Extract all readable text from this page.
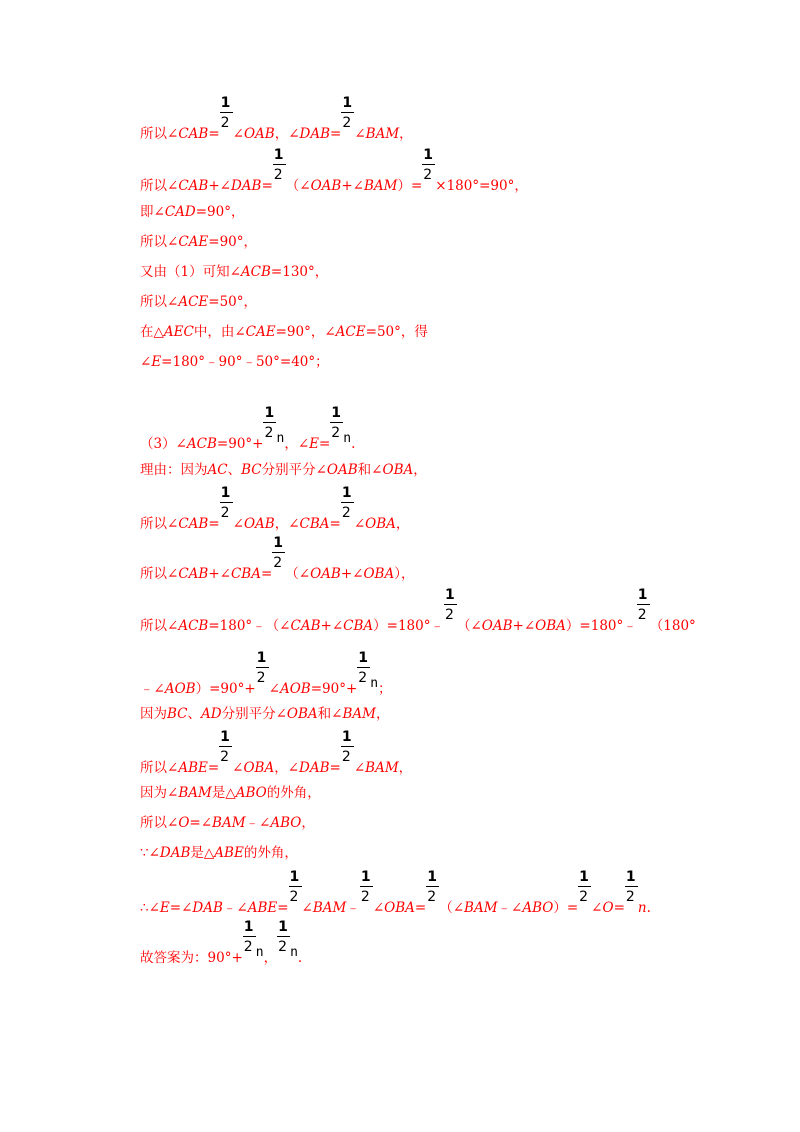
所以∠CAB= $\frac{1}{2}$ ∠OAB，∠DAB= $\frac{1}{2}$ ∠BAM，
所以∠CAB+∠DAB= $\frac{1}{2}$ （∠OAB+∠BAM）= $\frac{1}{2} \times 180^\circ=90^\circ$，
即∠CAD=90°，
所以∠CAE=90°，
又由（1）可知∠ACB=130°，
所以∠ACE=50°，
在△AEC中，由∠CAE=90°，∠ACE=50°，得
∠E=180°﹣90°﹣50°=40°；
（3）∠ACB=90°+ $\frac{1}{2}$ n，∠E= $\frac{1}{2} n$.
理由：因为AC、BC分别平分∠OAB和∠OBA，
所以∠CAB= $\frac{1}{2}$ ∠OAB，∠CBA= $\frac{1}{2}$ ∠OBA，
所以∠CAB+∠CBA= $\frac{1}{2}$ （∠OAB+∠OBA），
所以∠ACB=180°﹣（∠CAB+∠CBA）=180°﹣ $\frac{1}{2}$ （∠OAB+∠OBA）=180°﹣ $\frac{1}{2} (180^\circ$
﹣∠AOB）=90°+ $\frac{1}{2}$ ∠AOB=90°+ $\frac{1}{2}$ n；
因为BC、AD分别平分∠OBA和∠BAM，
所以∠ABE= $\frac{1}{2}$ ∠OBA，∠DAB= $\frac{1}{2}$ ∠BAM，
因为∠BAM是△ABO的外角，
所以∠O=∠BAM﹣∠ABO，
∵∠DAB是△ABE的外角，
∴∠E=∠DAB﹣∠ABE= $\frac{1}{2}$ ∠BAM﹣ $\frac{1}{2}$ ∠OBA= $\frac{1}{2}$ （∠BAM﹣∠ABO）= $\frac{1}{2}$ ∠O= $\frac{1}{2} n$.
故答案为：$90^\circ+ \frac{1}{2}$ n， $\frac{1}{2} n$.
